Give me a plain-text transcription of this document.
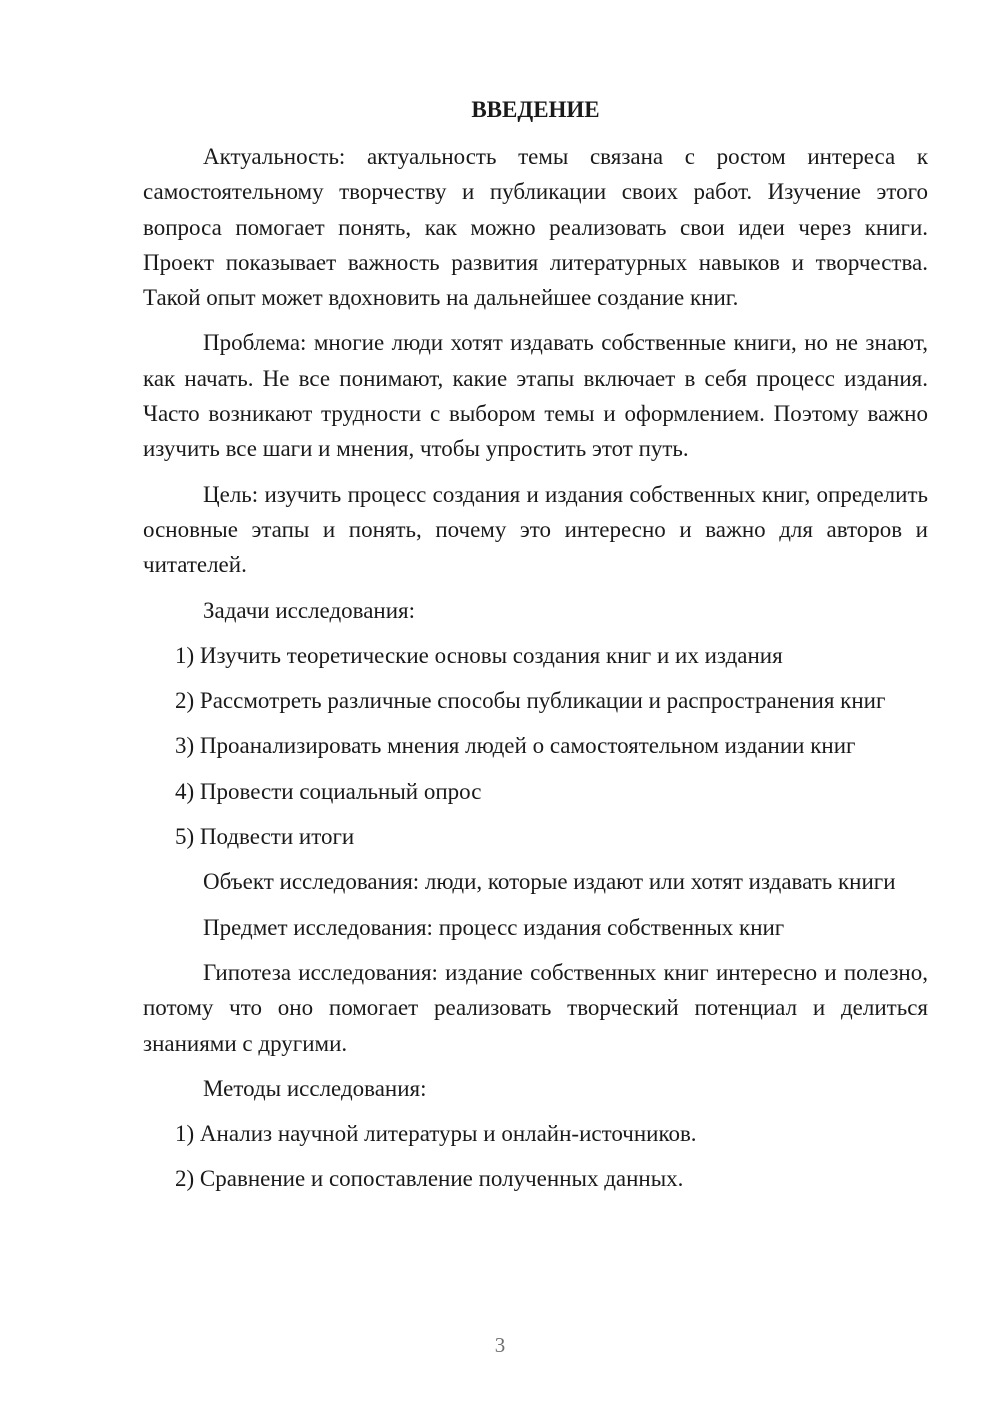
ВВЕДЕНИЕ

Актуальность: актуальность темы связана с ростом интереса к самостоятельному творчеству и публикации своих работ. Изучение этого вопроса помогает понять, как можно реализовать свои идеи через книги. Проект показывает важность развития литературных навыков и творчества. Такой опыт может вдохновить на дальнейшее создание книг.

Проблема: многие люди хотят издавать собственные книги, но не знают, как начать. Не все понимают, какие этапы включает в себя процесс издания. Часто возникают трудности с выбором темы и оформлением. Поэтому важно изучить все шаги и мнения, чтобы упростить этот путь.

Цель: изучить процесс создания и издания собственных книг, определить основные этапы и понять, почему это интересно и важно для авторов и читателей.

Задачи исследования:

1) Изучить теоретические основы создания книг и их издания

2) Рассмотреть различные способы публикации и распространения книг

3) Проанализировать мнения людей о самостоятельном издании книг

4) Провести социальный опрос

5) Подвести итоги

Объект исследования: люди, которые издают или хотят издавать книги

Предмет исследования: процесс издания собственных книг

Гипотеза исследования: издание собственных книг интересно и полезно, потому что оно помогает реализовать творческий потенциал и делиться знаниями с другими.

Методы исследования:

1) Анализ научной литературы и онлайн-источников.

2) Сравнение и сопоставление полученных данных.

3
